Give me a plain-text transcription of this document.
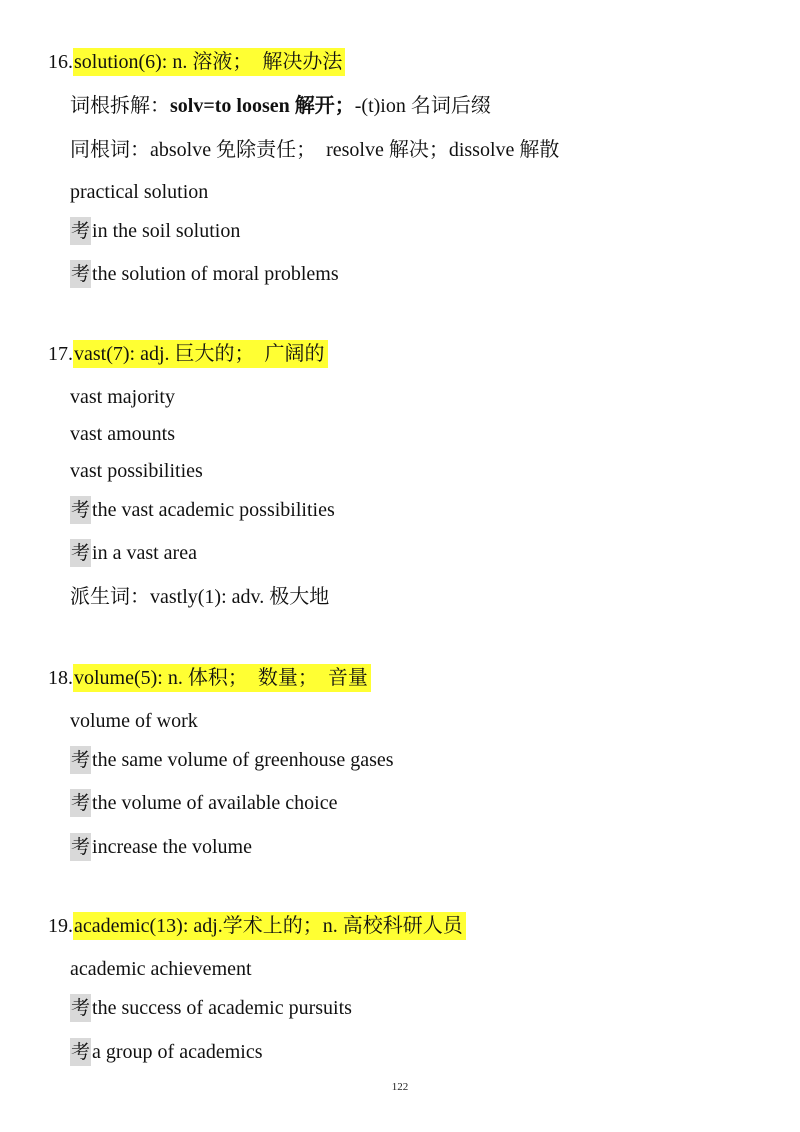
16.solution(6): n. 溶液；　解决办法
词根拆解：solv=to loosen 解开；-(t)ion 名词后缀
同根词：absolve 免除责任；　resolve 解决；dissolve 解散
practical solution
考 in the soil solution
考 the solution of moral problems
17.vast(7): adj. 巨大的；　广阔的
vast majority
vast amounts
vast possibilities
考 the vast academic possibilities
考 in a vast area
派生词：vastly(1): adv. 极大地
18.volume(5): n. 体积；　数量；　音量
volume of work
考 the same volume of greenhouse gases
考 the volume of available choice
考 increase the volume
19.academic(13): adj.学术上的；n. 高校科研人员
academic achievement
考 the success of academic pursuits
考 a group of academics
122
